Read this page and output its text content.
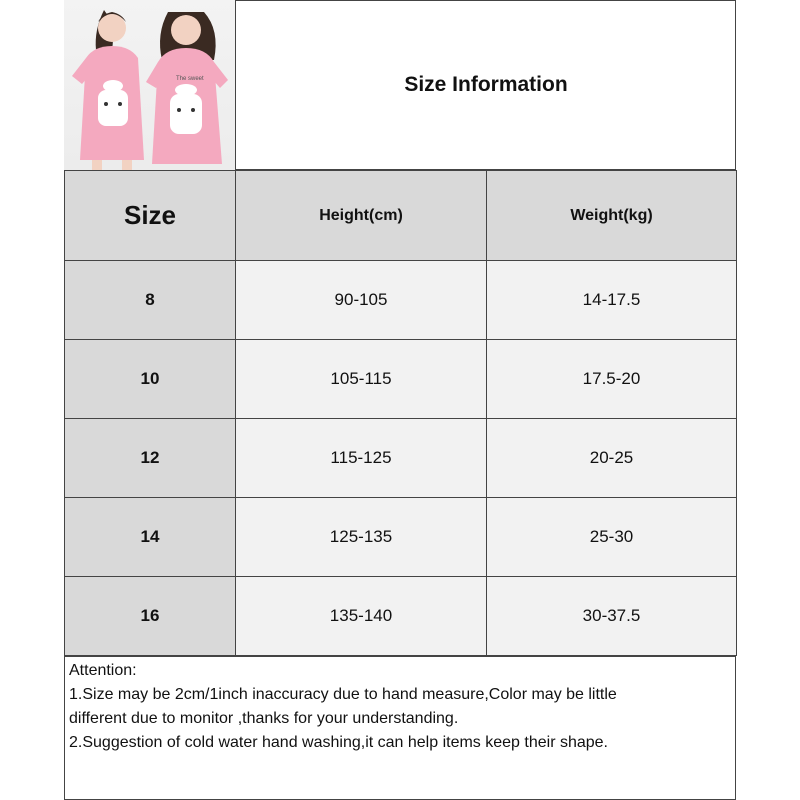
The sweet	Size Information
Size	Height(cm)	Weight(kg)
8	90-105	14-17.5
10	105-115	17.5-20
12	115-125	20-25
14	125-135	25-30
16	135-140	30-37.5
Attention:
1.Size may be 2cm/1inch inaccuracy due to hand measure,Color may be little
different due to monitor ,thanks for your understanding.
2.Suggestion of cold water hand washing,it can help items keep their shape.
